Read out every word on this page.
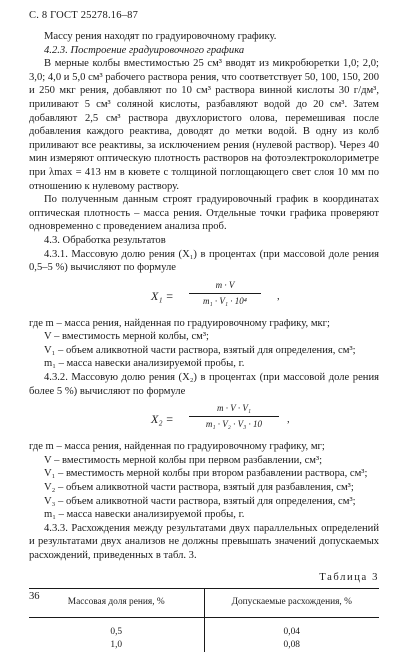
С. 8 ГОСТ 25278.16–87

Массу рения находят по градуировочному графику.

4.2.3. Построение градуировочного графика

В мерные колбы вместимостью 25 см³ вводят из микробюретки 1,0; 2,0; 3,0; 4,0 и 5,0 см³ рабочего раствора рения, что соответствует 50, 100, 150, 200 и 250 мкг рения, добавляют по 10 см³ раствора винной кислоты 30 г/дм³, приливают 5 см³ соляной кислоты, разбавляют водой до 20 см³. Затем добавляют 2,5 см³ раствора двухлористого олова, перемешивая после добавления каждого реактива, доводят до метки водой. В одну из колб приливают все реактивы, за исключением рения (нулевой раствор). Через 40 мин измеряют оптическую плотность растворов на фотоэлектроколориметре при λmax = 413 нм в кювете с толщиной поглощающего свет слоя 10 мм по отношению к нулевому раствору.

По полученным данным строят градуировочный график в координатах оптическая плотность – масса рения. Отдельные точки графика проверяют одновременно с проведением анализа проб.

4.3. Обработка результатов

4.3.1. Массовую долю рения (X₁) в процентах (при массовой доле рения 0,5–5 %) вычисляют по формуле

X₁ =
m · V
m₁ · V₁ · 10⁴	,

где m – масса рения, найденная по градуировочному графику, мкг;

V – вместимость мерной колбы, см³;

V₁ – объем аликвотной части раствора, взятый для определения, см³;

m₁ – масса навески анализируемой пробы, г.

4.3.2. Массовую долю рения (X₂) в процентах (при массовой доле рения более 5 %) вычисляют по формуле

X₂ =
m · V · V₁
m₁ · V₂ · V₃ · 10	,

где m – масса рения, найденная по градуировочному графику, мг;

V – вместимость мерной колбы при первом разбавлении, см³;

V₁ – вместимость мерной колбы при втором разбавлении раствора, см³;

V₂ – объем аликвотной части раствора, взятый для разбавления, см³;

V₃ – объем аликвотной части раствора, взятый для определения, см³;

m₁ – масса навески анализируемой пробы, г.

4.3.3. Расхождения между результатами двух параллельных определений и результатами двух анализов не должны превышать значений допускаемых расхождений, приведенных в табл. 3.

Таблица 3

Массовая доля рения, %	Допускаемые расхождения, %
0,5	0,04
1,0	0,08
36
